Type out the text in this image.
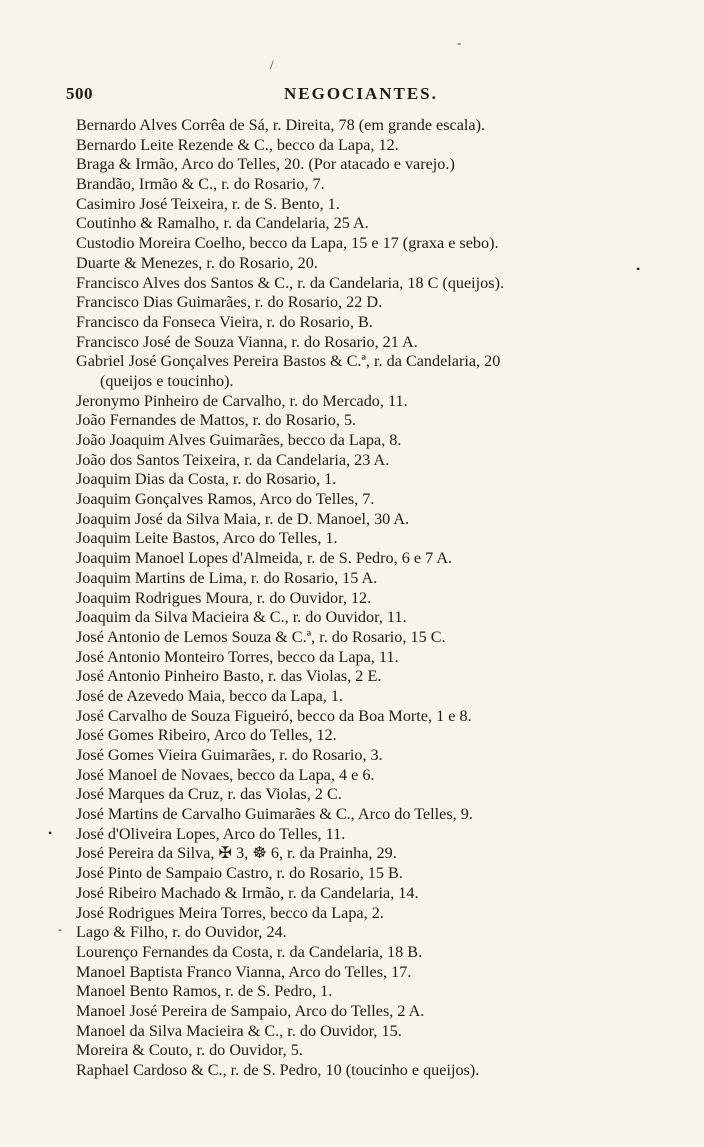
-
/
500	NEGOCIANTES.
Bernardo Alves Corrêa de Sá, r. Direita, 78 (em grande escala).
Bernardo Leite Rezende & C., becco da Lapa, 12.
Braga & Irmão, Arco do Telles, 20. (Por atacado e varejo.)
Brandão, Irmão & C., r. do Rosario, 7.
Casimiro José Teixeira, r. de S. Bento, 1.
Coutinho & Ramalho, r. da Candelaria, 25 A.
Custodio Moreira Coelho, becco da Lapa, 15 e 17 (graxa e sebo).
Duarte & Menezes, r. do Rosario, 20.
Francisco Alves dos Santos & C., r. da Candelaria, 18 C (queijos).
Francisco Dias Guimarães, r. do Rosario, 22 D.
Francisco da Fonseca Vieira, r. do Rosario, B.
Francisco José de Souza Vianna, r. do Rosario, 21 A.
Gabriel José Gonçalves Pereira Bastos & C.ª, r. da Candelaria, 20
(queijos e toucinho).
Jeronymo Pinheiro de Carvalho, r. do Mercado, 11.
João Fernandes de Mattos, r. do Rosario, 5.
João Joaquim Alves Guimarães, becco da Lapa, 8.
João dos Santos Teixeira, r. da Candelaria, 23 A.
Joaquim Dias da Costa, r. do Rosario, 1.
Joaquim Gonçalves Ramos, Arco do Telles, 7.
Joaquim José da Silva Maia, r. de D. Manoel, 30 A.
Joaquim Leite Bastos, Arco do Telles, 1.
Joaquim Manoel Lopes d'Almeida, r. de S. Pedro, 6 e 7 A.
Joaquim Martins de Lima, r. do Rosario, 15 A.
Joaquim Rodrigues Moura, r. do Ouvidor, 12.
Joaquim da Silva Macieira & C., r. do Ouvidor, 11.
José Antonio de Lemos Souza & C.ª, r. do Rosario, 15 C.
José Antonio Monteiro Torres, becco da Lapa, 11.
José Antonio Pinheiro Basto, r. das Violas, 2 E.
José de Azevedo Maia, becco da Lapa, 1.
José Carvalho de Souza Figueiró, becco da Boa Morte, 1 e 8.
José Gomes Ribeiro, Arco do Telles, 12.
José Gomes Vieira Guimarães, r. do Rosario, 3.
José Manoel de Novaes, becco da Lapa, 4 e 6.
José Marques da Cruz, r. das Violas, 2 C.
José Martins de Carvalho Guimarães & C., Arco do Telles, 9.
José d'Oliveira Lopes, Arco do Telles, 11.
José Pereira da Silva, ✠ 3, ☸ 6, r. da Prainha, 29.
José Pinto de Sampaio Castro, r. do Rosario, 15 B.
José Ribeiro Machado & Irmão, r. da Candelaria, 14.
José Rodrigues Meira Torres, becco da Lapa, 2.
Lago & Filho, r. do Ouvidor, 24.
Lourenço Fernandes da Costa, r. da Candelaria, 18 B.
Manoel Baptista Franco Vianna, Arco do Telles, 17.
Manoel Bento Ramos, r. de S. Pedro, 1.
Manoel José Pereira de Sampaio, Arco do Telles, 2 A.
Manoel da Silva Macieira & C., r. do Ouvidor, 15.
Moreira & Couto, r. do Ouvidor, 5.
Raphael Cardoso & C., r. de S. Pedro, 10 (toucinho e queijos).
•
•
-
